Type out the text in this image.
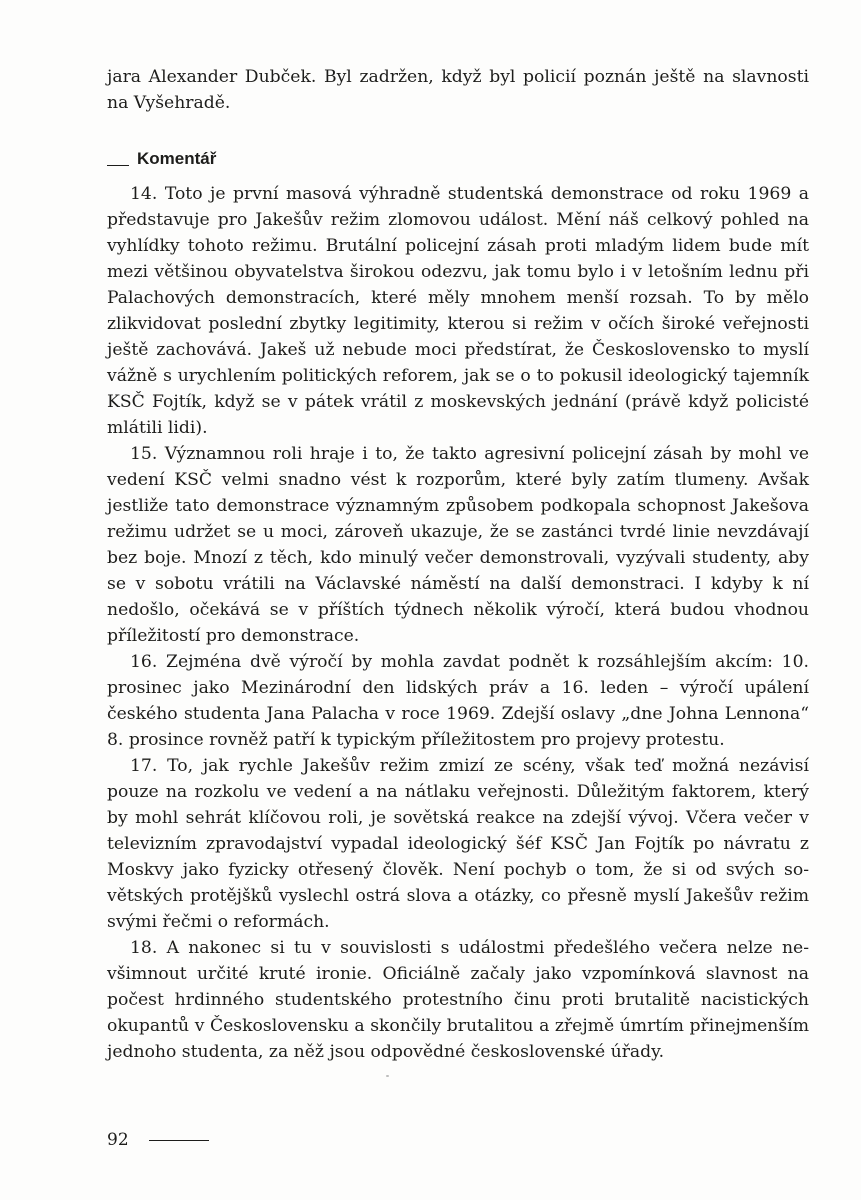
jara Alexander Dubček. Byl zadržen, když byl policií poznán ještě na slavnosti na Vyšehradě.

Komentář

14. Toto je první masová výhradně studentská demonstrace od roku 1969 a představuje pro Jakešův režim zlomovou událost. Mění náš celkový pohled na vyhlídky tohoto režimu. Brutální policejní zásah proti mladým lidem bude mít mezi většinou obyvatelstva širokou odezvu, jak tomu bylo i v letošním lednu při Palachových demonstracích, které měly mnohem menší rozsah. To by mělo zlikvidovat poslední zbytky legitimity, kterou si režim v očích široké veřejnosti ještě zachovává. Jakeš už nebude moci předstírat, že Československo to myslí vážně s urychlením politických reforem, jak se o to pokusil ideologický tajemník KSČ Fojtík, když se v pátek vrátil z moskevských jednání (právě když policisté mlátili lidi).

15. Významnou roli hraje i to, že takto agresivní policejní zásah by mohl ve vedení KSČ velmi snadno vést k rozporům, které byly zatím tlumeny. Avšak jestliže tato demonstrace významným způsobem podkopala schopnost Jakešova režimu udržet se u moci, zároveň ukazuje, že se zastánci tvrdé linie nevzdávají bez boje. Mnozí z těch, kdo minulý večer demonstrovali, vyzývali studenty, aby se v sobotu vrátili na Václavské náměstí na další demonstraci. I kdyby k ní nedošlo, očekává se v příštích týdnech několik výročí, která budou vhodnou příležitostí pro demonstrace.

16. Zejména dvě výročí by mohla zavdat podnět k rozsáhlejším akcím: 10. prosinec jako Mezinárodní den lidských práv a 16. leden – výročí upálení českého studenta Jana Palacha v roce 1969. Zdejší oslavy „dne Johna Lennona“ 8. prosince rovněž patří k typickým příležitostem pro projevy protestu.

17. To, jak rychle Jakešův režim zmizí ze scény, však teď možná nezávisí pouze na rozkolu ve vedení a na nátlaku veřejnosti. Důležitým faktorem, který by mohl sehrát klíčovou roli, je sovětská reakce na zdejší vývoj. Včera večer v televizním zpravodajství vypadal ideologický šéf KSČ Jan Fojtík po návratu z Moskvy jako fyzicky otřesený člověk. Není pochyb o tom, že si od svých sovětských protějšků vyslechl ostrá slova a otázky, co přesně myslí Jakešův režim svými řečmi o reformách.

18. A nakonec si tu v souvislosti s událostmi předešlého večera nelze nevšimnout určité kruté ironie. Oficiálně začaly jako vzpomínková slavnost na počest hrdinného studentského protestního činu proti brutalitě nacistických okupantů v Československu a skončily brutalitou a zřejmě úmrtím přinejmenším jednoho studenta, za něž jsou odpovědné československé úřady.

92
